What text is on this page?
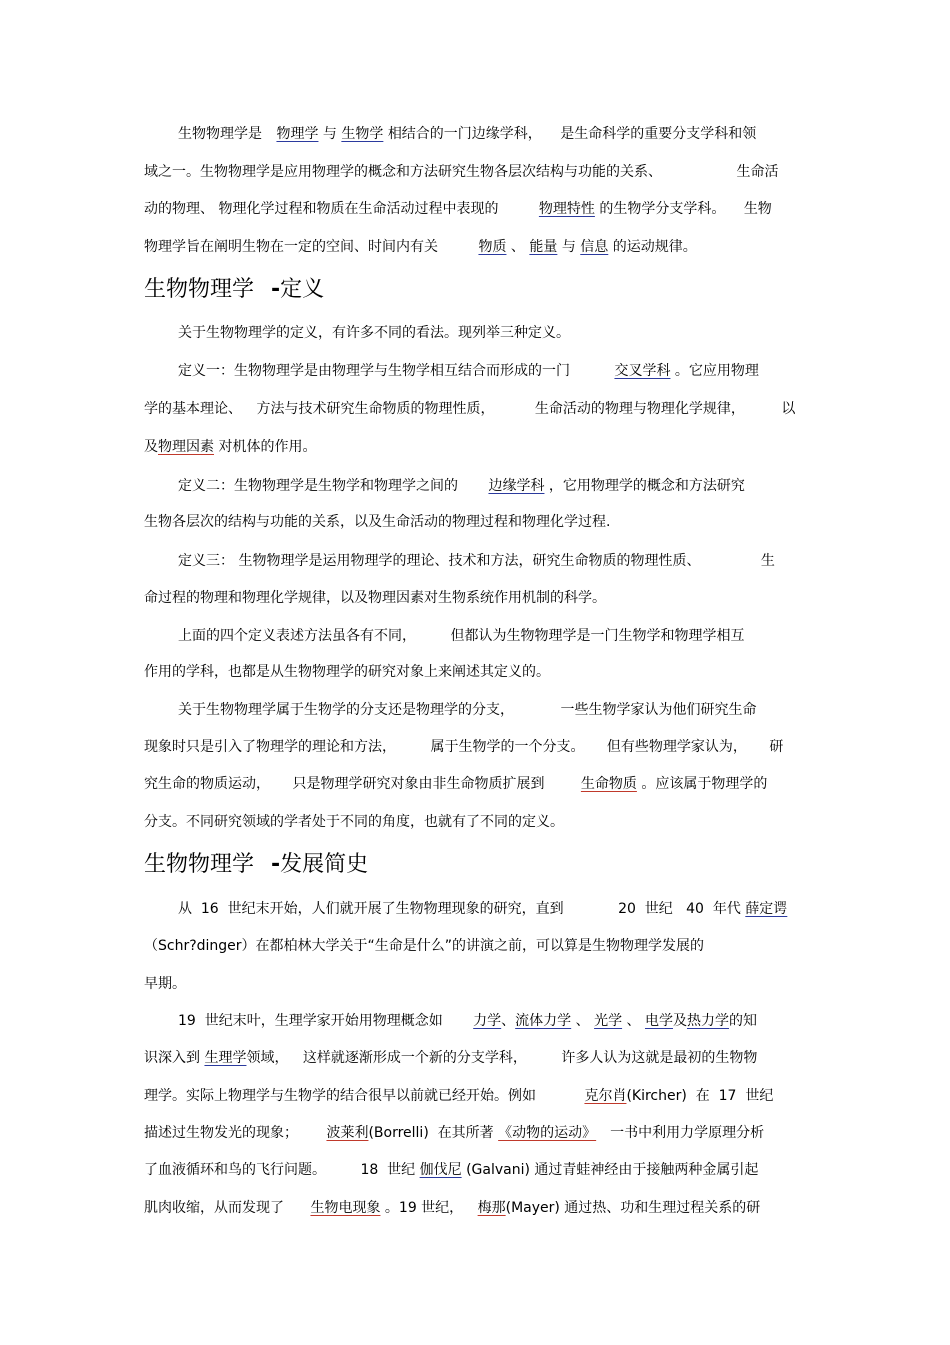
生物物理学是 物理学 与 生物学 相结合的一门边缘学科， 是生命科学的重要分支学科和领
域之一。生物物理学是应用物理学的概念和方法研究生物各层次结构与功能的关系、	生命活
动的物理、 物理化学过程和物质在生命活动过程中表现的	物理特性 的生物学分支学科。 生物
物理学旨在阐明生物在一定的空间、时间内有关	物质 、 能量 与 信息 的运动规律。
生物物理学 -定义
关于生物物理学的定义，有许多不同的看法。现列举三种定义。
定义一：生物物理学是由物理学与生物学相互结合而形成的一门	交叉学科 。它应用物理
学的基本理论、 方法与技术研究生命物质的物理性质，	生命活动的物理与物理化学规律，	以
及物理因素 对机体的作用。
定义二：生物物理学是生物学和物理学之间的 边缘学科 ，它用物理学的概念和方法研究
生物各层次的结构与功能的关系，以及生命活动的物理过程和物理化学过程.
定义三： 生物物理学是运用物理学的理论、技术和方法，研究生命物质的物理性质、	生
命过程的物理和物理化学规律，以及物理因素对生物系统作用机制的科学。
上面的四个定义表述方法虽各有不同， 但都认为生物物理学是一门生物学和物理学相互
作用的学科，也都是从生物物理学的研究对象上来阐述其定义的。
关于生物物理学属于生物学的分支还是物理学的分支，	一些生物学家认为他们研究生命
现象时只是引入了物理学的理论和方法， 属于生物学的一个分支。 但有些物理学家认为， 研
究生命的物质运动， 只是物理学研究对象由非生命物质扩展到	生命物质 。应该属于物理学的
分支。不同研究领域的学者处于不同的角度，也就有了不同的定义。
生物物理学 -发展简史
从  16  世纪末开始，人们就开展了生物物理现象的研究，直到	20  世纪   40  年代 薛定谔
（Schr?dinger）在都柏林大学关于“生命是什么”的讲演之前，可以算是生物物理学发展的
早期。
19  世纪末叶，生理学家开始用物理概念如 力学、流体力学 、 光学 、 电学及热力学的知
识深入到 生理学领域， 这样就逐渐形成一个新的分支学科， 许多人认为这就是最初的生物物
理学。实际上物理学与生物学的结合很早以前就已经开始。例如	克尔肖(Kircher)  在  17  世纪
描述过生物发光的现象； 波莱利(Borrelli)  在其所著 《动物的运动》 一书中利用力学原理分析
了血液循环和鸟的飞行问题。 18  世纪 伽伐尼 (Galvani) 通过青蛙神经由于接触两种金属引起
肌肉收缩，从而发现了 生物电现象 。19 世纪， 梅那(Mayer) 通过热、功和生理过程关系的研
